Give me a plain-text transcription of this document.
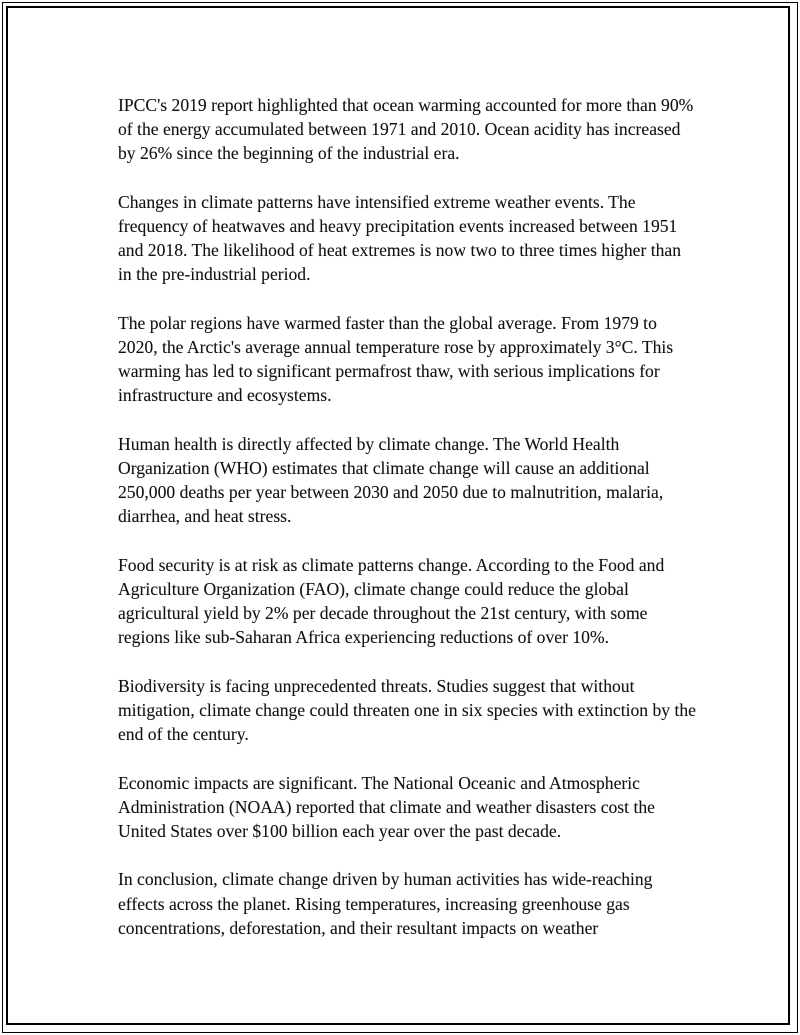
IPCC's 2019 report highlighted that ocean warming accounted for more than 90% of the energy accumulated between 1971 and 2010. Ocean acidity has increased by 26% since the beginning of the industrial era.

Changes in climate patterns have intensified extreme weather events. The frequency of heatwaves and heavy precipitation events increased between 1951 and 2018. The likelihood of heat extremes is now two to three times higher than in the pre-industrial period.

The polar regions have warmed faster than the global average. From 1979 to 2020, the Arctic's average annual temperature rose by approximately 3°C. This warming has led to significant permafrost thaw, with serious implications for infrastructure and ecosystems.

Human health is directly affected by climate change. The World Health Organization (WHO) estimates that climate change will cause an additional 250,000 deaths per year between 2030 and 2050 due to malnutrition, malaria, diarrhea, and heat stress.

Food security is at risk as climate patterns change. According to the Food and Agriculture Organization (FAO), climate change could reduce the global agricultural yield by 2% per decade throughout the 21st century, with some regions like sub-Saharan Africa experiencing reductions of over 10%.

Biodiversity is facing unprecedented threats. Studies suggest that without mitigation, climate change could threaten one in six species with extinction by the end of the century.

Economic impacts are significant. The National Oceanic and Atmospheric Administration (NOAA) reported that climate and weather disasters cost the United States over $100 billion each year over the past decade.

In conclusion, climate change driven by human activities has wide-reaching effects across the planet. Rising temperatures, increasing greenhouse gas concentrations, deforestation, and their resultant impacts on weather
